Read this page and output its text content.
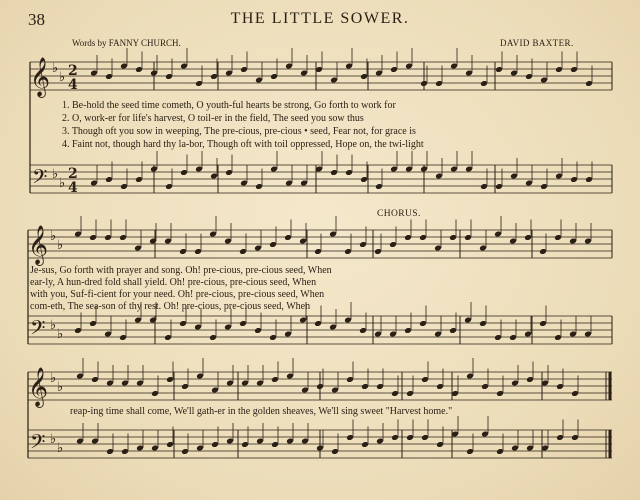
38	THE LITTLE SOWER.
Words by FANNY CHURCH.	DAVID BAXTER.
CHORUS.
𝄞
𝄢
♭
♭
♭
♭
2
4
2
4
𝄞
𝄢
♭
♭
♭
♭
𝄞
𝄢
♭
♭
♭
♭
1. Be-hold the seed time cometh, O youth-ful hearts be strong, Go forth to work for
2. O, work-er for life's harvest, O toil-er in the field, The seed you sow thus
3. Though oft you sow in weeping, The pre-cious, pre-cious • seed, Fear not, for grace is
4. Faint not, though hard thy la-bor, Though oft with toil oppressed, Hope on, the twi-light
Je-sus, Go forth with prayer and song. Oh! pre-cious, pre-cious seed, When
ear-ly, A hun-dred fold shall yield. Oh! pre-cious, pre-cious seed, When
with you, Suf-fi-cient for your need. Oh! pre-cious, pre-cious seed, When
com-eth, The sea-son of thy rest. Oh! pre-cious, pre-cious seed, When
reap-ing time shall come, We'll gath-er in the golden sheaves, We'll sing sweet "Harvest home."
